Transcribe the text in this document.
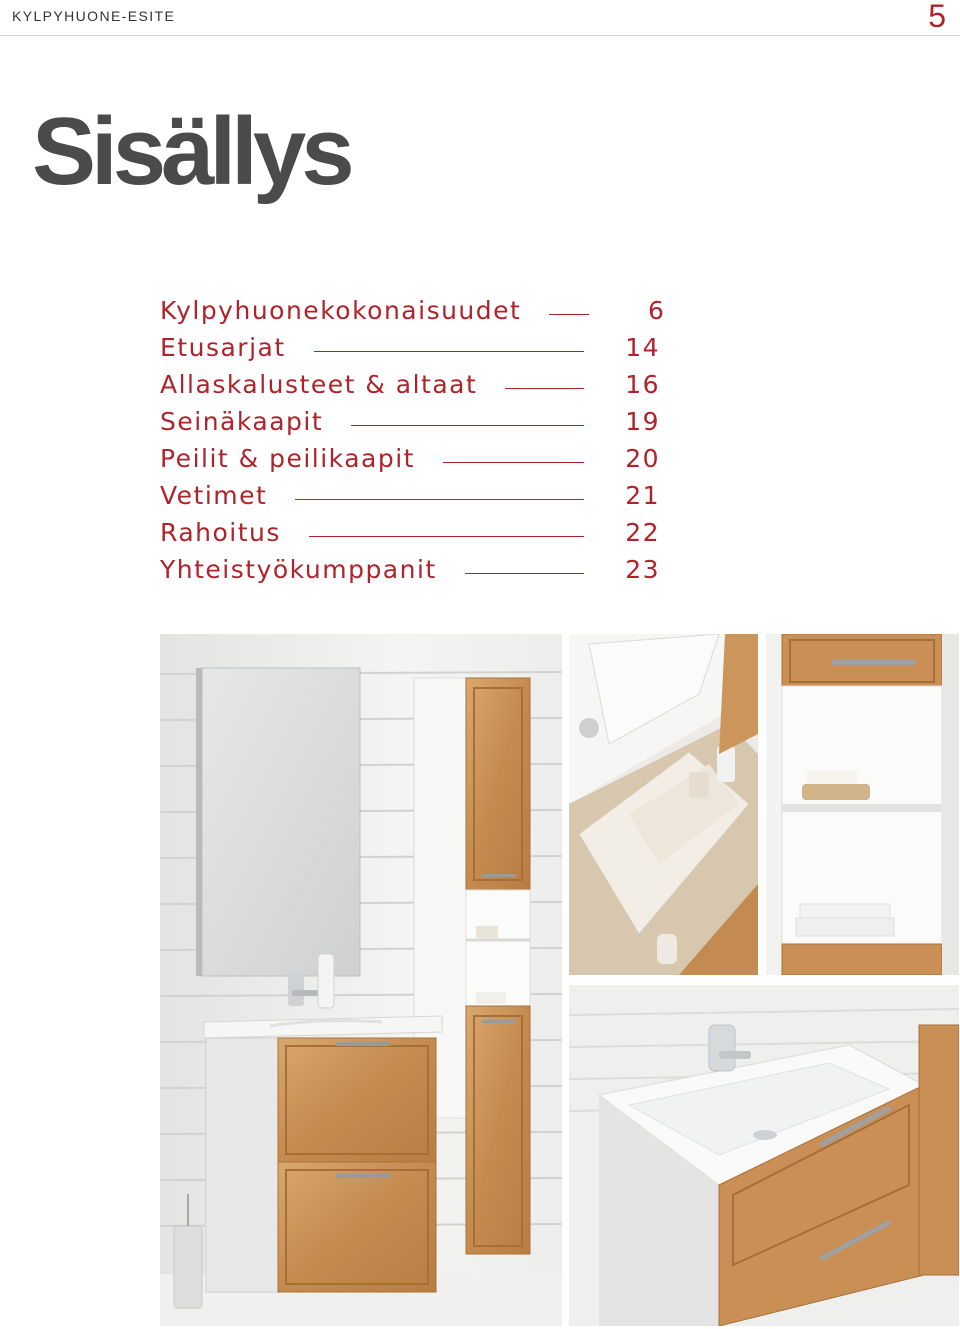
KYLPYHUONE-ESITE	5
Sisällys
Kylpyhuonekokonaisuudet	6
Etusarjat	14
Allaskalusteet & altaat	16
Seinäkaapit	19
Peilit & peilikaapit	20
Vetimet	21
Rahoitus	22
Yhteistyökumppanit	23
